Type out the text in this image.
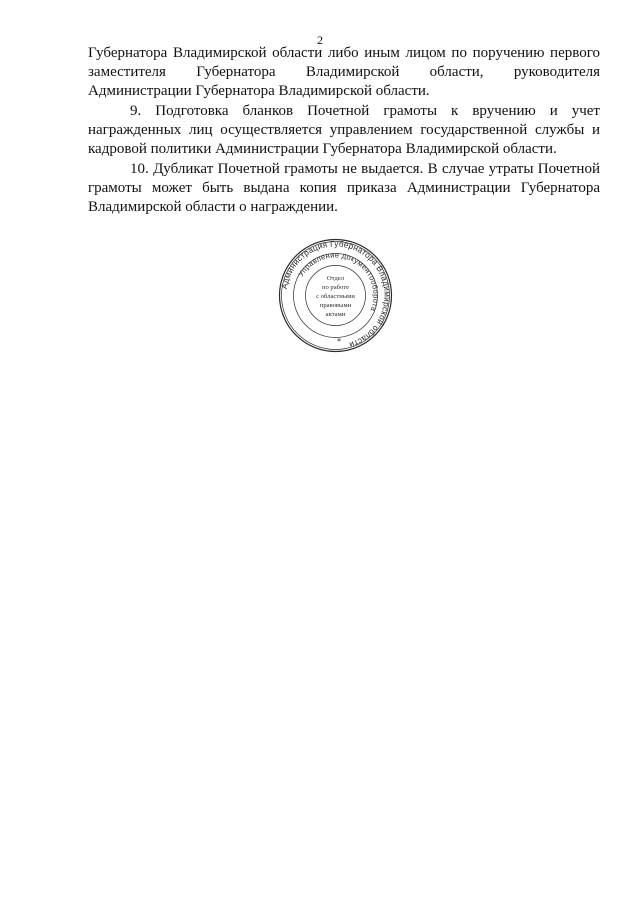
2

Губернатора Владимирской области либо иным лицом по поручению первого заместителя Губернатора Владимирской области, руководителя Администрации Губернатора Владимирской области.

9. Подготовка бланков Почетной грамоты к вручению и учет награжденных лиц осуществляется управлением государственной службы и кадровой политики Администрации Губернатора Владимирской области.

10. Дубликат Почетной грамоты не выдается. В случае утраты Почетной грамоты может быть выдана копия приказа Администрации Губернатора Владимирской области о награждении.

Администрация Губернатора Владимирской области
Управление документооборота
Отдел
по работе
с областными
правовыми
актами
*
